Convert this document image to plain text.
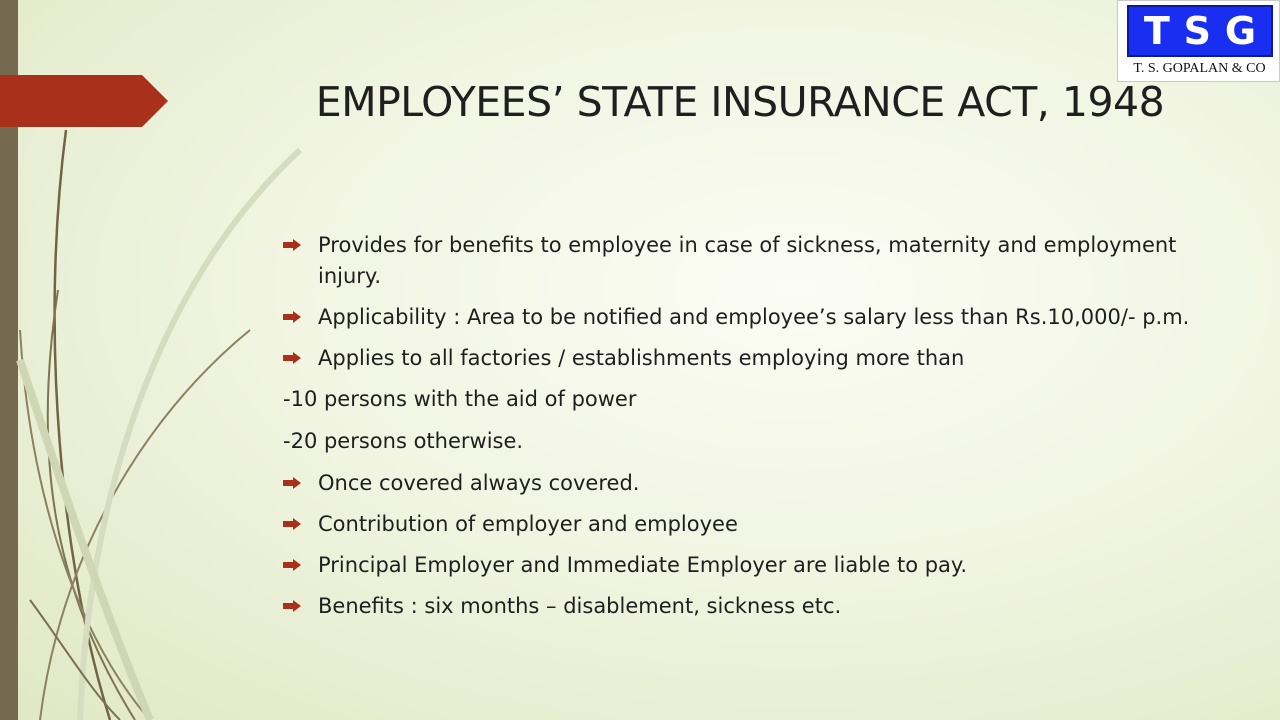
T S G
T. S. GOPALAN & CO
EMPLOYEES’ STATE INSURANCE ACT, 1948
Provides for benefits to employee in case of sickness, maternity and employment injury.
Applicability : Area to be notified and employee’s salary less than Rs.10,000/- p.m.
Applies to all factories / establishments employing more than
-10 persons with the aid of power
-20 persons otherwise.
Once covered always covered.
Contribution of employer and employee
Principal Employer and Immediate Employer are liable to pay.
Benefits : six months – disablement, sickness etc.
